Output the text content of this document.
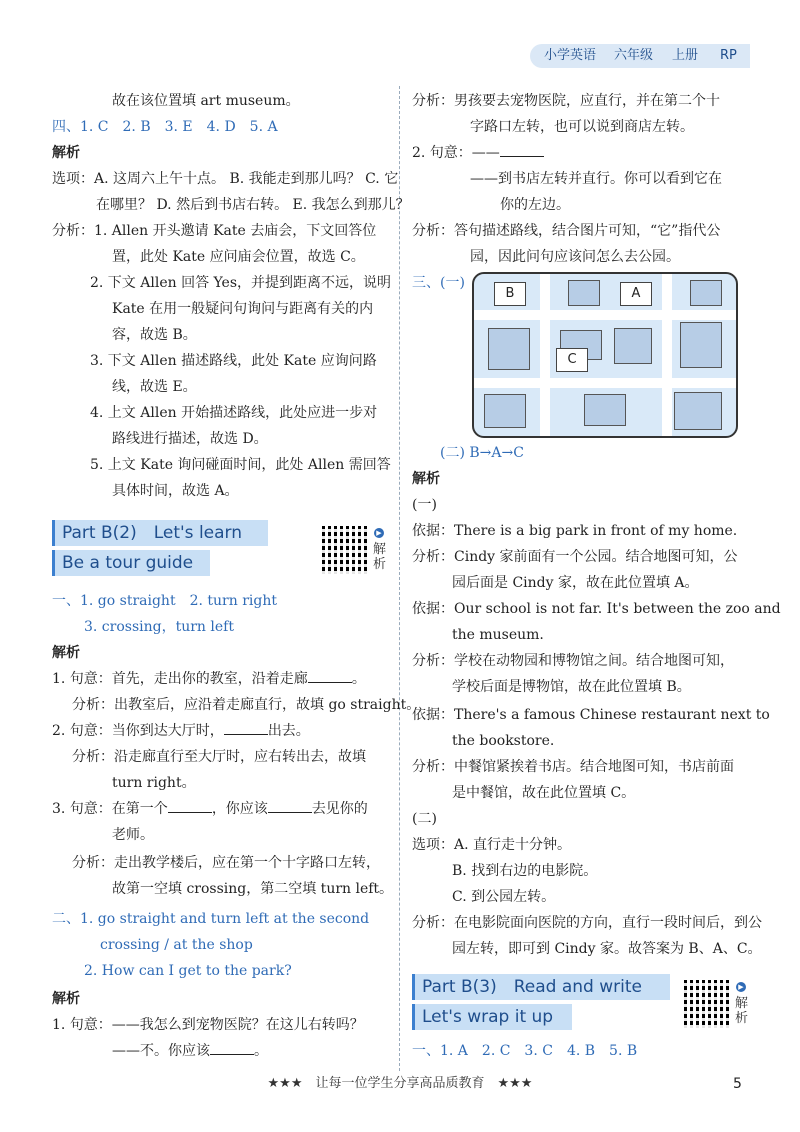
小学英语 六年级 上册 RP
故在该位置填 art museum。
四、1. C　2. B　3. E　4. D　5. A
解析
选项：A. 这周六上午十点。 B. 我能走到那儿吗？ C. 它
在哪里？ D. 然后到书店右转。 E. 我怎么到那儿？
分析：1. Allen 开头邀请 Kate 去庙会，下文回答位
置，此处 Kate 应问庙会位置，故选 C。
2. 下文 Allen 回答 Yes，并提到距离不远，说明
Kate 在用一般疑问句询问与距离有关的内
容，故选 B。
3. 下文 Allen 描述路线，此处 Kate 应询问路
线，故选 E。
4. 上文 Allen 开始描述路线，此处应进一步对
路线进行描述，故选 D。
5. 上文 Kate 询问碰面时间，此处 Allen 需回答
具体时间，故选 A。
Part B(2)　Let's learn
Be a tour guide
▶
解析
一、1. go straight　2. turn right
3. crossing，turn left
解析
1. 句意：首先，走出你的教室，沿着走廊	。
分析：出教室后，应沿着走廊直行，故填 go straight。
2. 句意：当你到达大厅时，	出去。
分析：沿走廊直行至大厅时，应右转出去，故填
turn right。
3. 句意：在第一个	，你应该	去见你的
老师。
分析：走出教学楼后，应在第一个十字路口左转，
故第一空填 crossing，第二空填 turn left。
二、1. go straight and turn left at the second
crossing / at the shop
2. How can I get to the park?
解析
1. 句意：——我怎么到宠物医院？在这儿右转吗？
——不。你应该	。
分析：男孩要去宠物医院，应直行，并在第二个十
字路口左转，也可以说到商店左转。
2. 句意：——
——到书店左转并直行。你可以看到它在
你的左边。
分析：答句描述路线，结合图片可知，“它”指代公
园，因此问句应该问怎么去公园。
三、(一)
B	A
C
(二) B→A→C
解析
(一)
依据：There is a big park in front of my home.
分析：Cindy 家前面有一个公园。结合地图可知，公
园后面是 Cindy 家，故在此位置填 A。
依据：Our school is not far. It's between the zoo and
the museum.
分析：学校在动物园和博物馆之间。结合地图可知，
学校后面是博物馆，故在此位置填 B。
依据：There's a famous Chinese restaurant next to
the bookstore.
分析：中餐馆紧挨着书店。结合地图可知，书店前面
是中餐馆，故在此位置填 C。
(二)
选项：A. 直行走十分钟。
B. 找到右边的电影院。
C. 到公园左转。
分析：在电影院面向医院的方向，直行一段时间后，到公
园左转，即可到 Cindy 家。故答案为 B、A、C。
Part B(3)　Read and write
Let's wrap it up
▶
解析
一、1. A　2. C　3. C　4. B　5. B
★★★　让每一位学生分享高品质教育　★★★	5
